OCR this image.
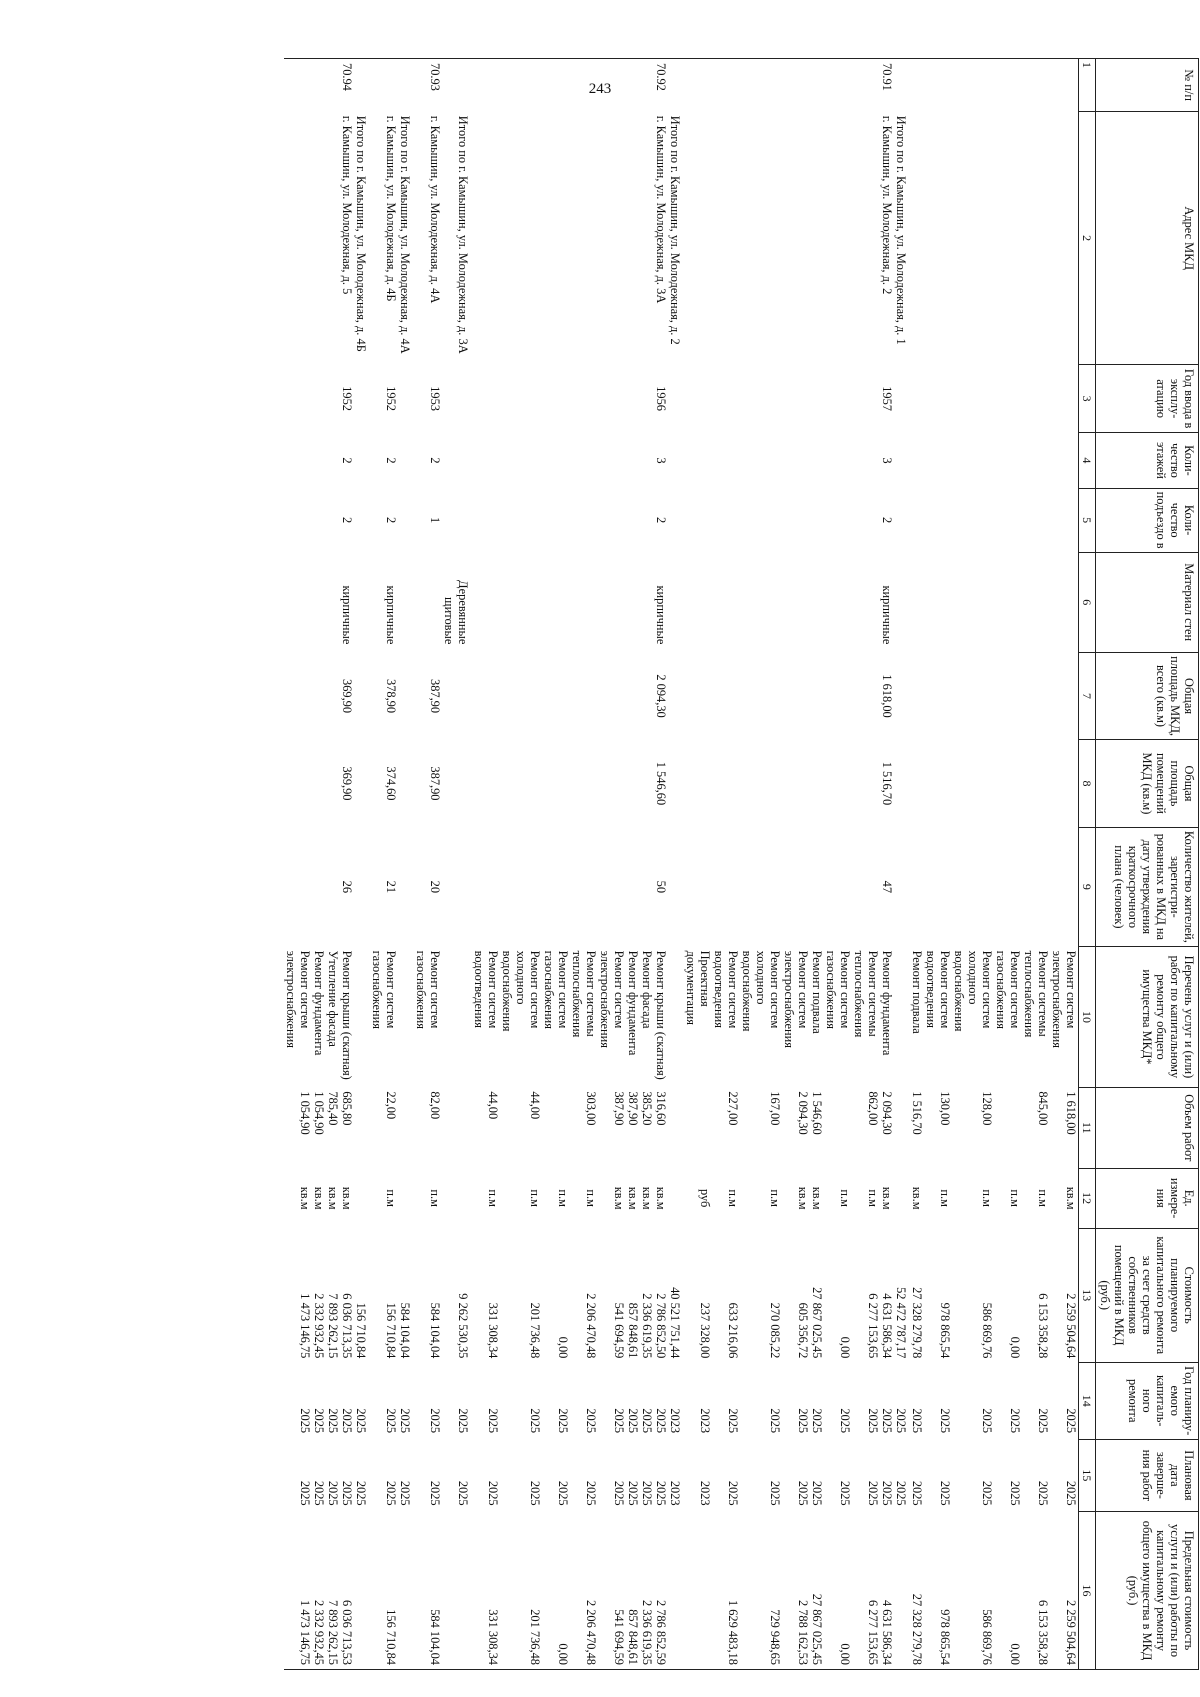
243	№ п/п	Адрес МКД	Год ввода в эксплу- атацию	Коли- чество этажей	Коли- чество подъездо в	Материал стен	Общая площадь МКД, всего (кв.м)	Общая площадь помещений МКД (кв.м)	Количество жителей, зарегистри- рованных в МКД на дату утверждения краткосрочного плана (человек)	Перечень услуг и (или) работ по капитальному ремонту общего имущества МКД*	Объем работ	Ед. измере- ния	Стоимость планируемого капитального ремонта за счет средств собственников помещений в МКД (руб.)	Год планиру- емого капиталь- ного ремонта	Плановая дата заверше- ния работ	Предельная стоимость услуги и (или) работы по капитальному ремонту общего имущества в МКД (руб.)
1	2	3	4	5	6	7	8	9	10	11	12	13	14	15	16
									Ремонт систем электроснабжения	1 618,00	кв.м	2 259 504,64	2025	2025	2 259 504,64
									Ремонт системы теплоснабжения	845,00	п.м	6 153 358,28	2025	2025	6 153 358,28
									Ремонт систем газоснабжения		п.м	0,00	2025	2025	0,00
									Ремонт систем холодного водоснабжения	128,00	п.м	586 869,76	2025	2025	586 869,76
									Ремонт систем водоотведения	130,00	п.м	978 865,54	2025	2025	978 865,54
									Ремонт подвала	1 516,70	кв.м	27 328 279,78	2025	2025	27 328 279,78
	Итого по г. Камышин, ул. Молодежная, д. 1											52 472 787,17	2025	2025	
70.91	г. Камышин, ул. Молодежная, д. 2	1957	3	2	кирпичные	1 618,00	1 516,70	47	Ремонт фундамента	2 094,30	кв.м	4 631 586,34	2025	2025	4 631 586,34
									Ремонт системы теплоснабжения	862,00	п.м	6 277 153,65	2025	2025	6 277 153,65
									Ремонт систем газоснабжения		п.м	0,00	2025	2025	0,00
									Ремонт подвала	1 546,60	кв.м	27 867 025,45	2025	2025	27 867 025,45
									Ремонт систем электроснабжения	2 094,30	кв.м	605 356,72	2025	2025	2 788 162,53
									Ремонт систем холодного водоснабжения	167,00	п.м	270 085,22	2025	2025	729 948,65
									Ремонт систем водоотведения	227,00	п.м	633 216,06	2025	2025	1 629 483,18
									Проектная документация		руб	237 328,00	2023	2023	
	Итого по г. Камышин, ул. Молодежная, д. 2											40 521 751,44	2023	2023	
70.92	г. Камышин, ул. Молодежная, д. 3А	1956	3	2	кирпичные	2 094,30	1 546,60	50	Ремонт крыши (скатная)	316,60	кв.м	2 786 852,50	2025	2025	2 786 852,59
									Ремонт фасада	385,20	кв.м	2 336 619,35	2025	2025	2 336 619,35
									Ремонт фундамента	387,90	кв.м	857 848,61	2025	2025	857 848,61
									Ремонт систем электроснабжения	387,90	кв.м	541 694,59	2025	2025	541 694,59
									Ремонт системы теплоснабжения	303,00	п.м	2 206 470,48	2025	2025	2 206 470,48
									Ремонт систем газоснабжения		п.м	0,00	2025	2025	0,00
									Ремонт систем холодного водоснабжения	44,00	п.м	201 736,48	2025	2025	201 736,48
									Ремонт систем водоотведения	44,00	п.м	331 308,34	2025	2025	331 308,34
	Итого по г. Камышин, ул. Молодежная, д. 3А				Деревянные щитовые							9 262 530,35	2025	2025	
70.93	г. Камышин, ул. Молодежная, д. 4А	1953	2	1		387,90	387,90	20	Ремонт систем газоснабжения	82,00	п.м	584 104,04	2025	2025	584 104,04
	Итого по г. Камышин, ул. Молодежная, д. 4А											584 104,04	2025	2025	
	г. Камышин, ул. Молодежная, д. 4Б	1952	2	2	кирпичные	378,90	374,60	21	Ремонт систем газоснабжения	22,00	п.м	156 710,84	2025	2025	156 710,84
	Итого по г. Камышин, ул. Молодежная, д. 4Б											156 710,84	2025	2025	
70.94	г. Камышин, ул. Молодежная, д. 5	1952	2	2	кирпичные	369,90	369,90	26	Ремонт крыши (скатная)	685,80	кв.м	6 036 713,35	2025	2025	6 036 713,53
									Утепление фасада	785,40	кв.м	7 893 262,15	2025	2025	7 893 262,15
									Ремонт фундамента	1 054,90	кв.м	2 332 932,45	2025	2025	2 332 932,45
									Ремонт систем электроснабжения	1 054,90	кв.м	1 473 146,75	2025	2025	1 473 146,75
